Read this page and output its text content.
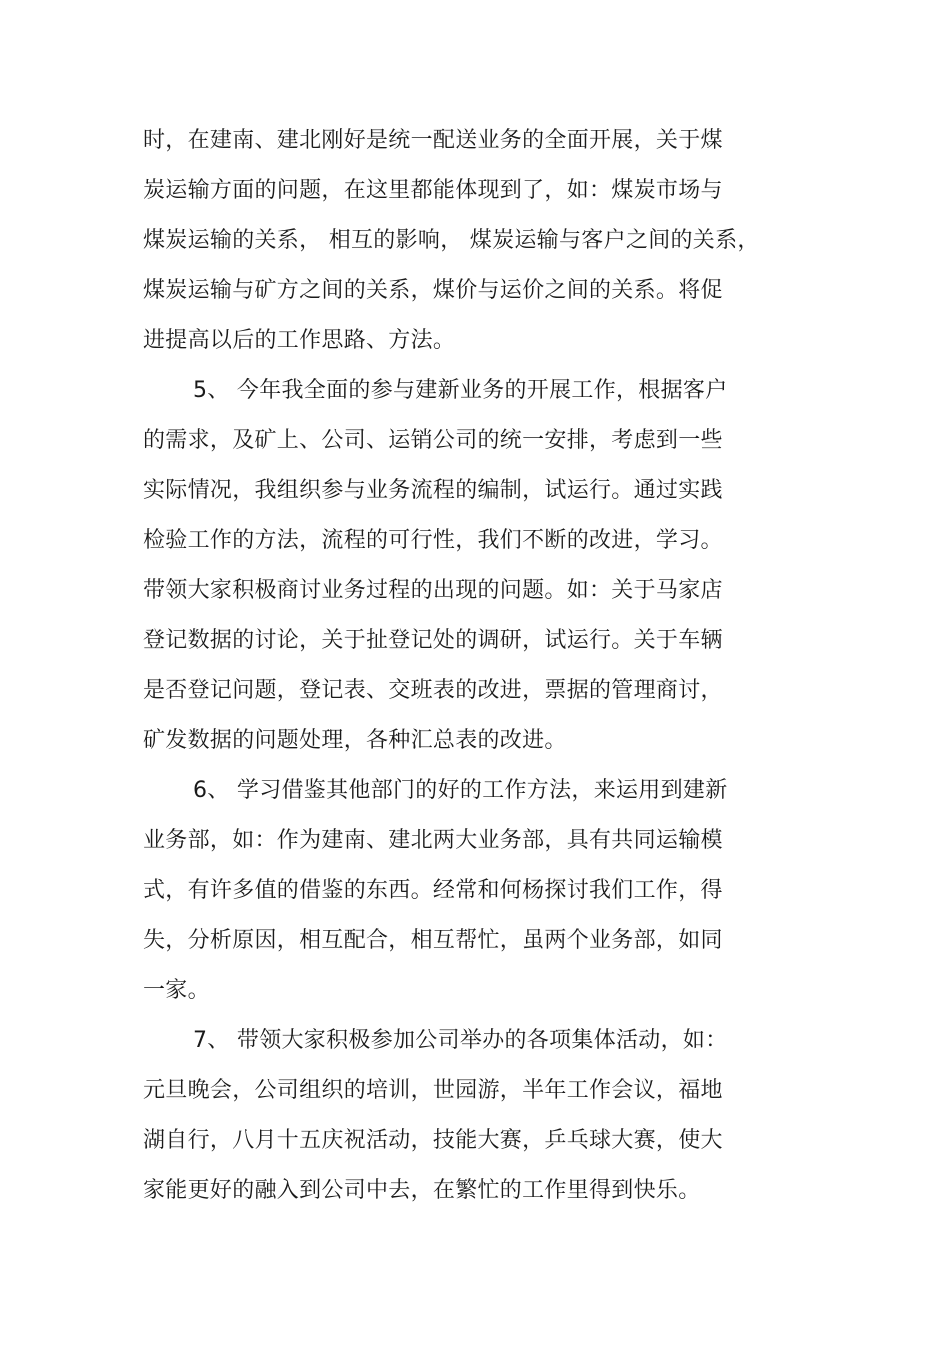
时，在建南、建北刚好是统一配送业务的全面开展，关于煤
炭运输方面的问题，在这里都能体现到了，如：煤炭市场与
煤炭运输的关系， 相互的影响， 煤炭运输与客户之间的关系，
煤炭运输与矿方之间的关系，煤价与运价之间的关系。将促
进提高以后的工作思路、方法。
5、 今年我全面的参与建新业务的开展工作，根据客户
的需求，及矿上、公司、运销公司的统一安排，考虑到一些
实际情况，我组织参与业务流程的编制，试运行。通过实践
检验工作的方法，流程的可行性，我们不断的改进，学习。
带领大家积极商讨业务过程的出现的问题。如：关于马家店
登记数据的讨论，关于扯登记处的调研，试运行。关于车辆
是否登记问题，登记表、交班表的改进，票据的管理商讨，
矿发数据的问题处理，各种汇总表的改进。
6、 学习借鉴其他部门的好的工作方法，来运用到建新
业务部，如：作为建南、建北两大业务部，具有共同运输模
式，有许多值的借鉴的东西。经常和何杨探讨我们工作，得
失，分析原因，相互配合，相互帮忙，虽两个业务部，如同
一家。
7、 带领大家积极参加公司举办的各项集体活动，如：
元旦晚会，公司组织的培训，世园游，半年工作会议，福地
湖自行，八月十五庆祝活动，技能大赛，乒乓球大赛，使大
家能更好的融入到公司中去，在繁忙的工作里得到快乐。
